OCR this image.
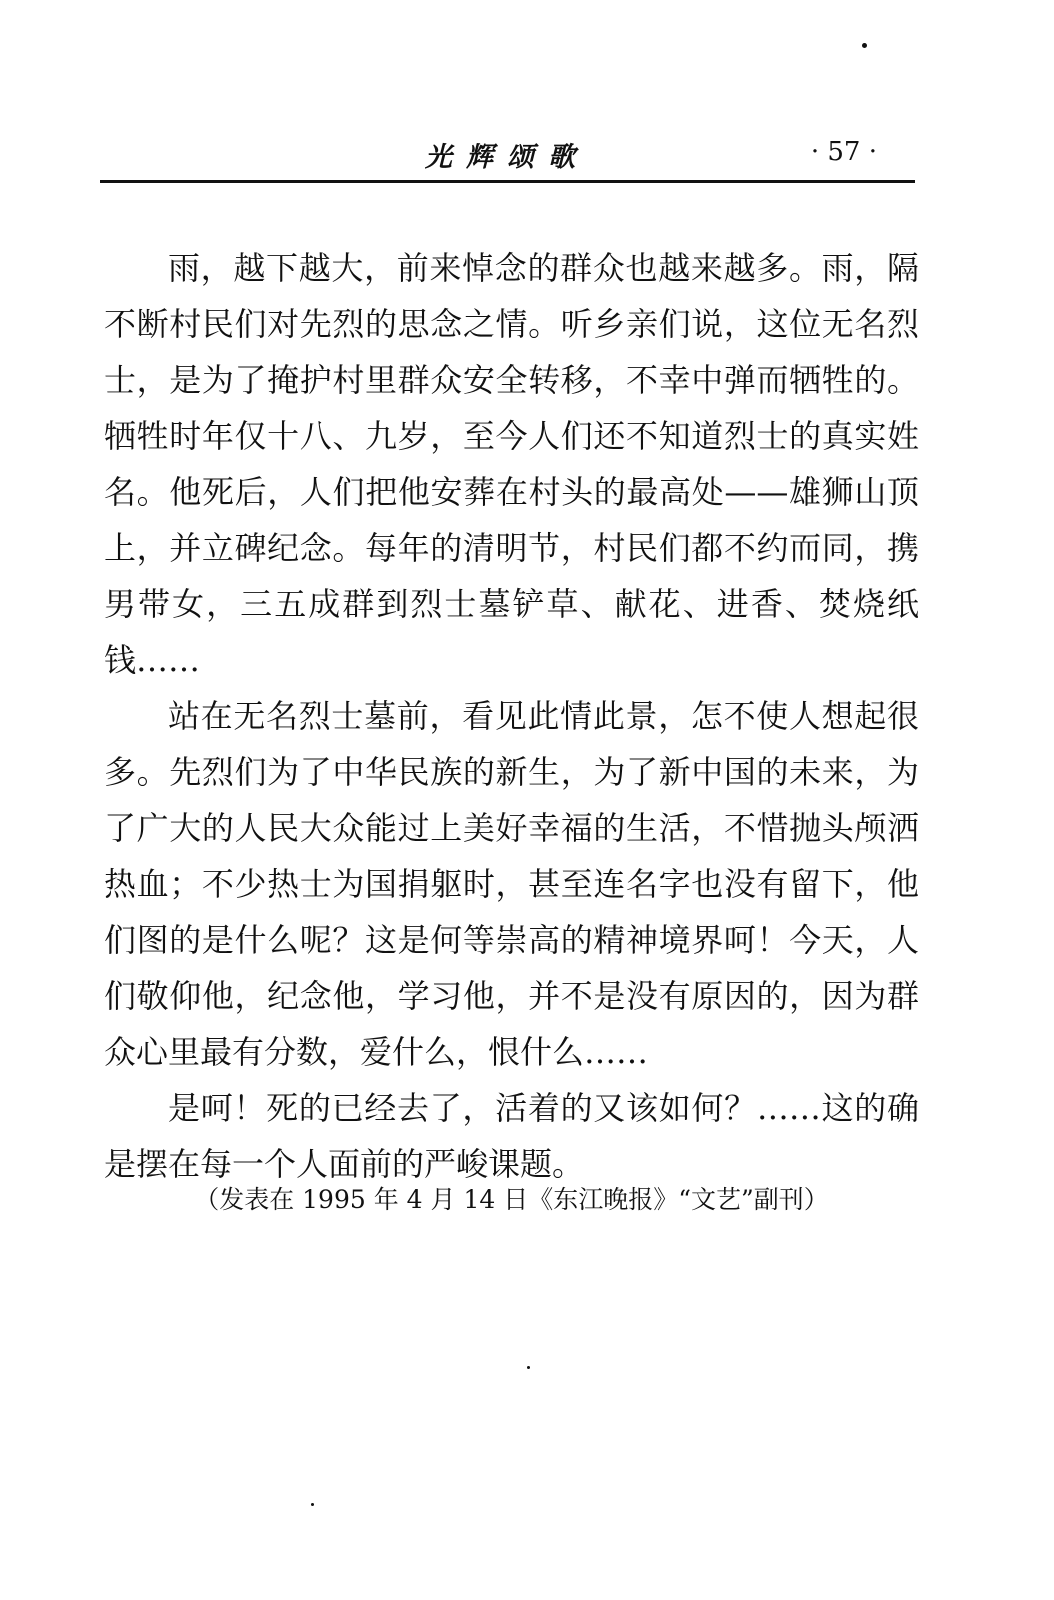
光辉颂歌	· 57 ·

雨，越下越大，前来悼念的群众也越来越多。雨，隔不断村民们对先烈的思念之情。听乡亲们说，这位无名烈士，是为了掩护村里群众安全转移，不幸中弹而牺牲的。牺牲时年仅十八、九岁，至今人们还不知道烈士的真实姓名。他死后，人们把他安葬在村头的最高处——雄狮山顶上，并立碑纪念。每年的清明节，村民们都不约而同，携男带女，三五成群到烈士墓铲草、献花、进香、焚烧纸钱……

站在无名烈士墓前，看见此情此景，怎不使人想起很多。先烈们为了中华民族的新生，为了新中国的未来，为了广大的人民大众能过上美好幸福的生活，不惜抛头颅洒热血；不少热士为国捐躯时，甚至连名字也没有留下，他们图的是什么呢？这是何等崇高的精神境界呵！今天，人们敬仰他，纪念他，学习他，并不是没有原因的，因为群众心里最有分数，爱什么，恨什么……

是呵！死的已经去了，活着的又该如何？……这的确是摆在每一个人面前的严峻课题。

（发表在 1995 年 4 月 14 日《东江晚报》“文艺”副刊）
